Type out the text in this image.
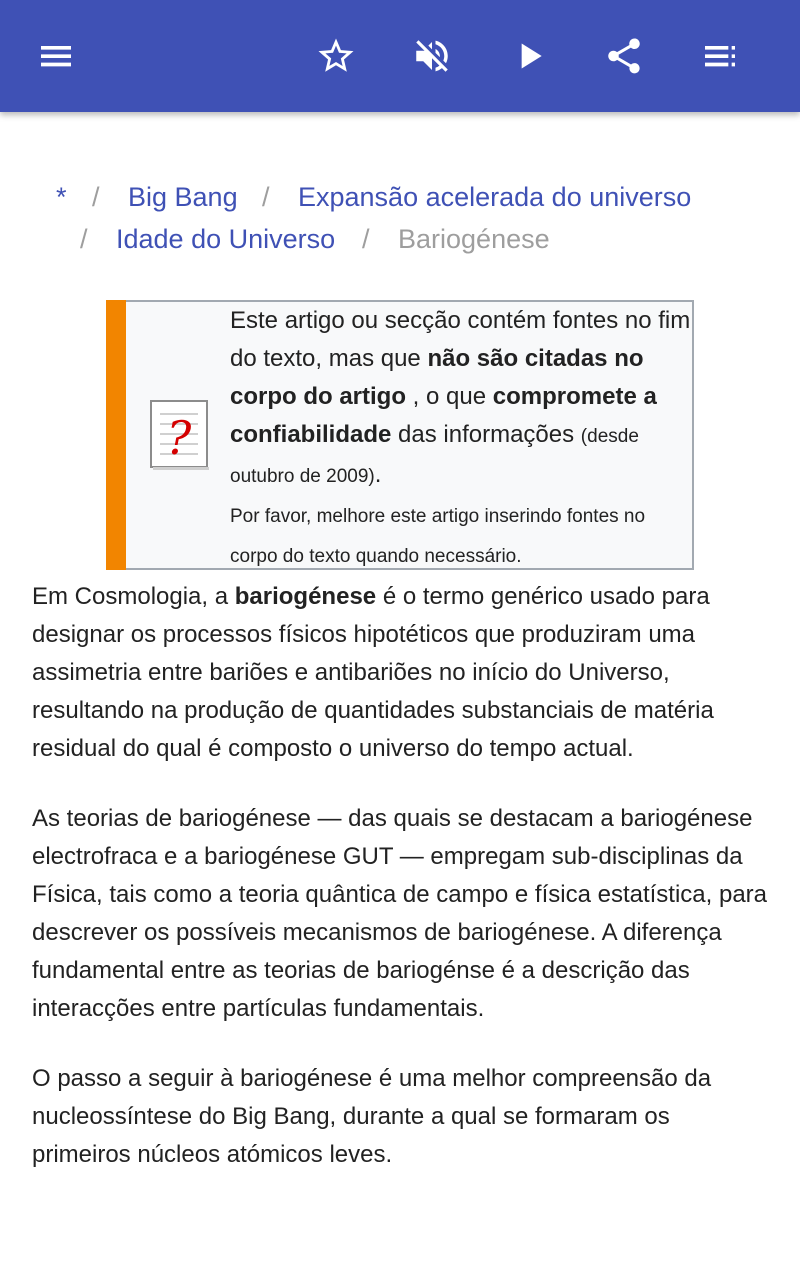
* / Big Bang / Expansão acelerada do universo
/ Idade do Universo / Bariogénese
?
Este artigo ou secção contém fontes no fim do texto, mas que não são citadas no corpo do artigo , o que compromete a confiabilidade das informações (desde outubro de 2009).
Por favor, melhore este artigo inserindo fontes no corpo do texto quando necessário.

Em Cosmologia, a bariogénese é o termo genérico usado para designar os processos físicos hipotéticos que produziram uma assimetria entre bariões e antibariões no início do Universo, resultando na produção de quantidades substanciais de matéria residual do qual é composto o universo do tempo actual.

As teorias de bariogénese — das quais se destacam a bariogénese electrofraca e a bariogénese GUT — empregam sub-disciplinas da Física, tais como a teoria quântica de campo e física estatística, para descrever os possíveis mecanismos de bariogénese. A diferença fundamental entre as teorias de bariogénse é a descrição das interacções entre partículas fundamentais.

O passo a seguir à bariogénese é uma melhor compreensão da nucleossíntese do Big Bang, durante a qual se formaram os primeiros núcleos atómicos leves.
